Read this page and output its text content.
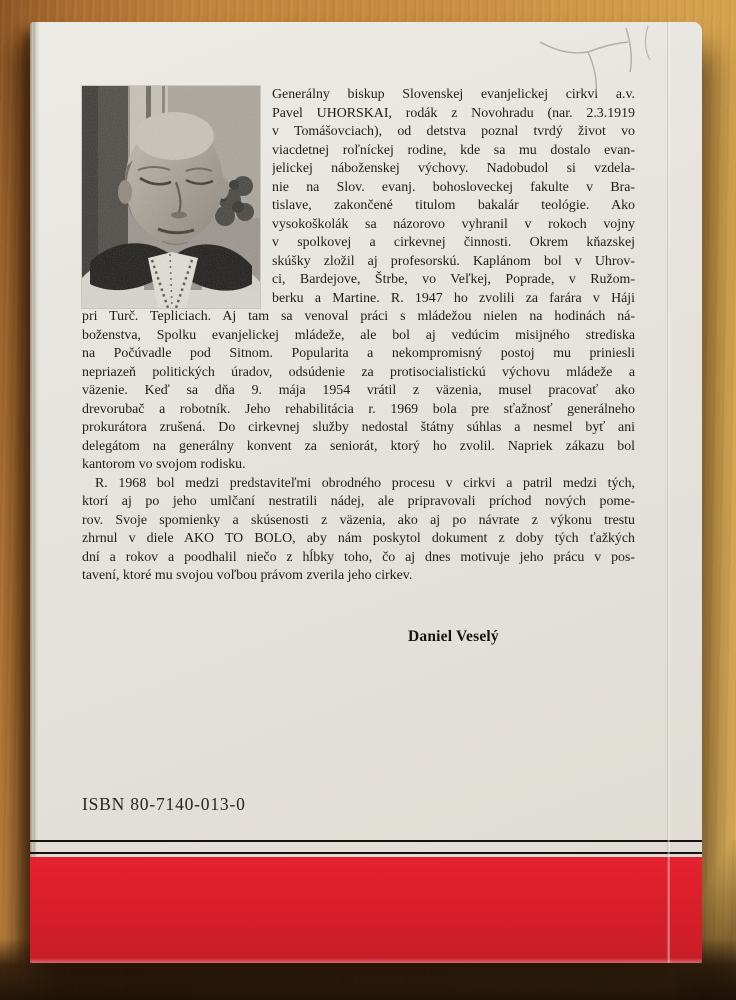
Generálny biskup Slovenskej evanjelickej cirkvi a.v.
Pavel UHORSKAI, rodák z Novohradu (nar. 2.3.1919
v Tomášovciach), od detstva poznal tvrdý život vo
viacdetnej roľníckej rodine, kde sa mu dostalo evan-
jelickej náboženskej výchovy. Nadobudol si vzdela-
nie na Slov. evanj. bohosloveckej fakulte v Bra-
tislave, zakončené titulom bakalár teológie. Ako
vysokoškolák sa názorovo vyhranil v rokoch vojny
v spolkovej a cirkevnej činnosti. Okrem kňazskej
skúšky zložil aj profesorskú. Kaplánom bol v Uhrov-
ci, Bardejove, Štrbe, vo Veľkej, Poprade, v Ružom-
berku a Martine. R. 1947 ho zvolili za farára v Háji
pri Turč. Tepliciach. Aj tam sa venoval práci s mládežou nielen na hodinách ná-
boženstva, Spolku evanjelickej mládeže, ale bol aj vedúcim misijného strediska
na Počúvadle pod Sitnom. Popularita a nekompromisný postoj mu priniesli
nepriazeň politických úradov, odsúdenie za protisocialistickú výchovu mládeže a
väzenie. Keď sa dňa 9. mája 1954 vrátil z väzenia, musel pracovať ako
drevorubač a robotník. Jeho rehabilitácia r. 1969 bola pre sťažnosť generálneho
prokurátora zrušená. Do cirkevnej služby nedostal štátny súhlas a nesmel byť ani
delegátom na generálny konvent za seniorát, ktorý ho zvolil. Napriek zákazu bol
kantorom vo svojom rodisku.
R. 1968 bol medzi predstaviteľmi obrodného procesu v cirkvi a patril medzi tých,
ktorí aj po jeho umlčaní nestratili nádej, ale pripravovali príchod nových pome-
rov. Svoje spomienky a skúsenosti z väzenia, ako aj po návrate z výkonu trestu
zhrnul v diele AKO TO BOLO, aby nám poskytol dokument z doby tých ťažkých
dní a rokov a poodhalil niečo z hĺbky toho, čo aj dnes motivuje jeho prácu v pos-
tavení, ktoré mu svojou voľbou právom zverila jeho cirkev.
Daniel Veselý
ISBN 80-7140-013-0
